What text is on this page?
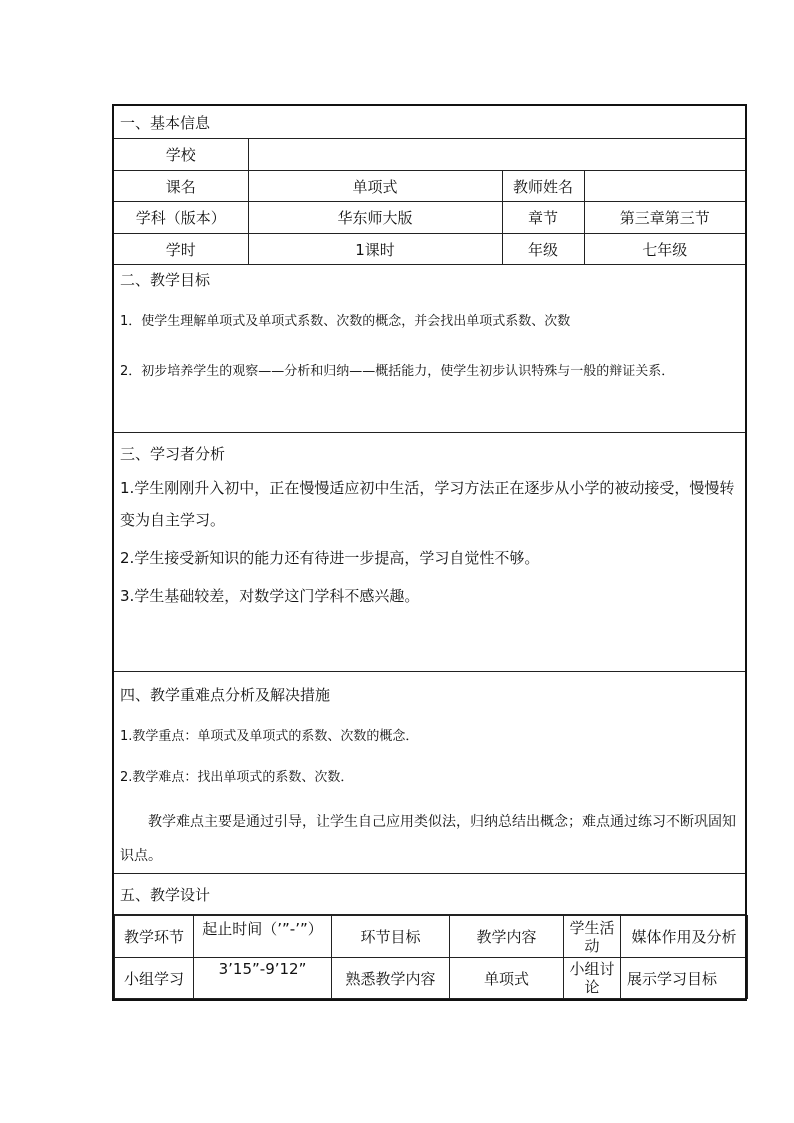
一、基本信息
学校	
课名	单项式	教师姓名	
学科（版本）	华东师大版	章节	第三章第三节
学时	1课时	年级	七年级

二、教学目标

1．使学生理解单项式及单项式系数、次数的概念，并会找出单项式系数、次数

2．初步培养学生的观察——分析和归纳——概括能力，使学生初步认识特殊与一般的辩证关系．

三、学习者分析

1.学生刚刚升入初中，正在慢慢适应初中生活，学习方法正在逐步从小学的被动接受，慢慢转变为自主学习。

2.学生接受新知识的能力还有待进一步提高，学习自觉性不够。

3.学生基础较差，对数学这门学科不感兴趣。

四、教学重难点分析及解决措施

1.教学重点：单项式及单项式的系数、次数的概念．

2.教学难点：找出单项式的系数、次数．

教学难点主要是通过引导，让学生自己应用类似法，归纳总结出概念；难点通过练习不断巩固知识点。

五、教学设计

教学环节	起止时间（’”-’”）	环节目标	教学内容	学生活动	媒体作用及分析
小组学习	3’15”-9’12”	熟悉教学内容	单项式	小组讨论	展示学习目标
